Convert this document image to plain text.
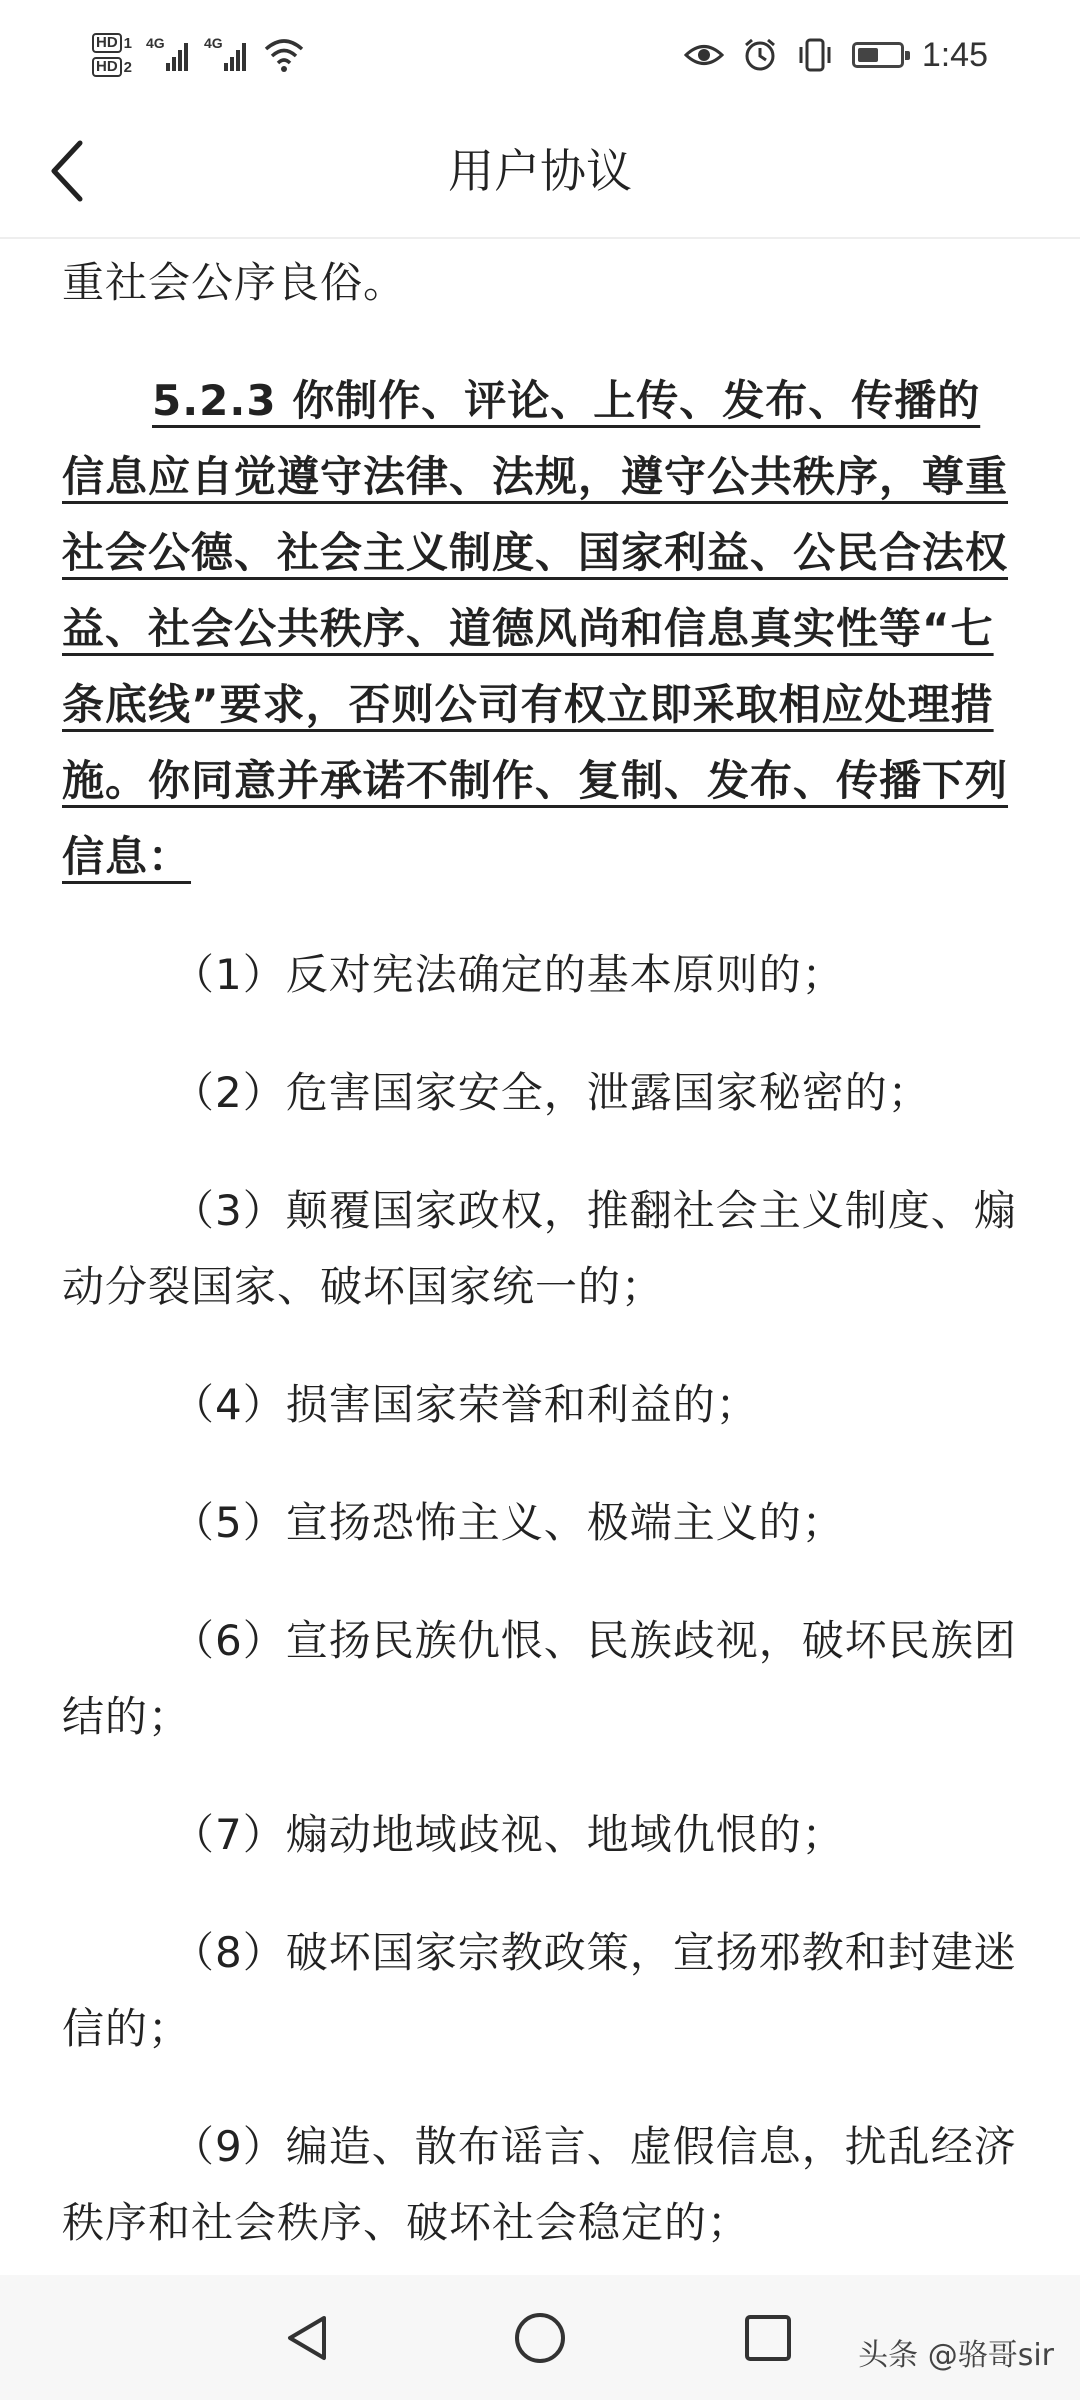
HD 1
HD 2
4G	4G	1:45
用户协议

重社会公序良俗。

5.2.3 你制作、评论、上传、发布、传播的信息应自觉遵守法律、法规，遵守公共秩序，尊重社会公德、社会主义制度、国家利益、公民合法权益、社会公共秩序、道德风尚和信息真实性等“七条底线”要求，否则公司有权立即采取相应处理措施。你同意并承诺不制作、复制、发布、传播下列信息：

（1）反对宪法确定的基本原则的；

（2）危害国家安全，泄露国家秘密的；

（3）颠覆国家政权，推翻社会主义制度、煽动分裂国家、破坏国家统一的；

（4）损害国家荣誉和利益的；

（5）宣扬恐怖主义、极端主义的；

（6）宣扬民族仇恨、民族歧视，破坏民族团结的；

（7）煽动地域歧视、地域仇恨的；

（8）破坏国家宗教政策，宣扬邪教和封建迷信的；

（9）编造、散布谣言、虚假信息，扰乱经济秩序和社会秩序、破坏社会稳定的；

头条 @骆哥sir
